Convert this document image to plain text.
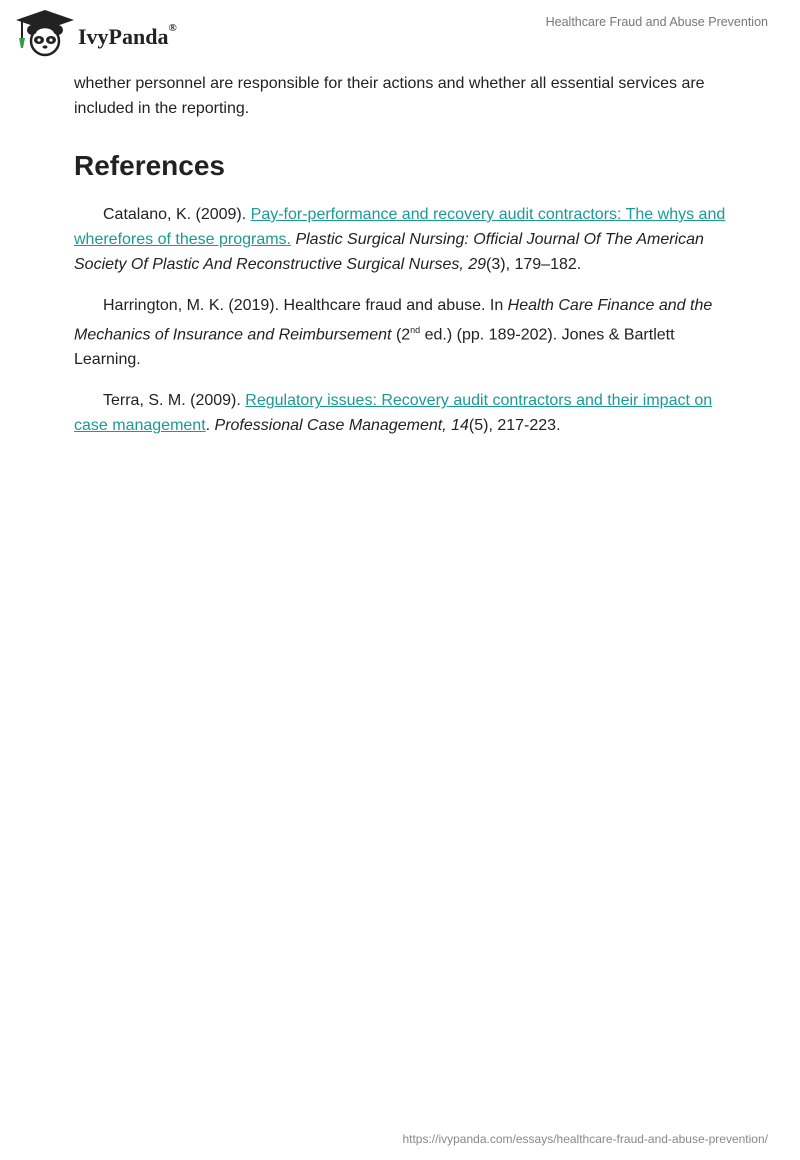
IvyPanda®	Healthcare Fraud and Abuse Prevention

whether personnel are responsible for their actions and whether all essential services are included in the reporting.

References

Catalano, K. (2009). Pay-for-performance and recovery audit contractors: The whys and wherefores of these programs. Plastic Surgical Nursing: Official Journal Of The American Society Of Plastic And Reconstructive Surgical Nurses, 29(3), 179–182.

Harrington, M. K. (2019). Healthcare fraud and abuse. In Health Care Finance and the Mechanics of Insurance and Reimbursement (2nd ed.) (pp. 189-202). Jones & Bartlett Learning.

Terra, S. M. (2009). Regulatory issues: Recovery audit contractors and their impact on case management. Professional Case Management, 14(5), 217-223.

https://ivypanda.com/essays/healthcare-fraud-and-abuse-prevention/
